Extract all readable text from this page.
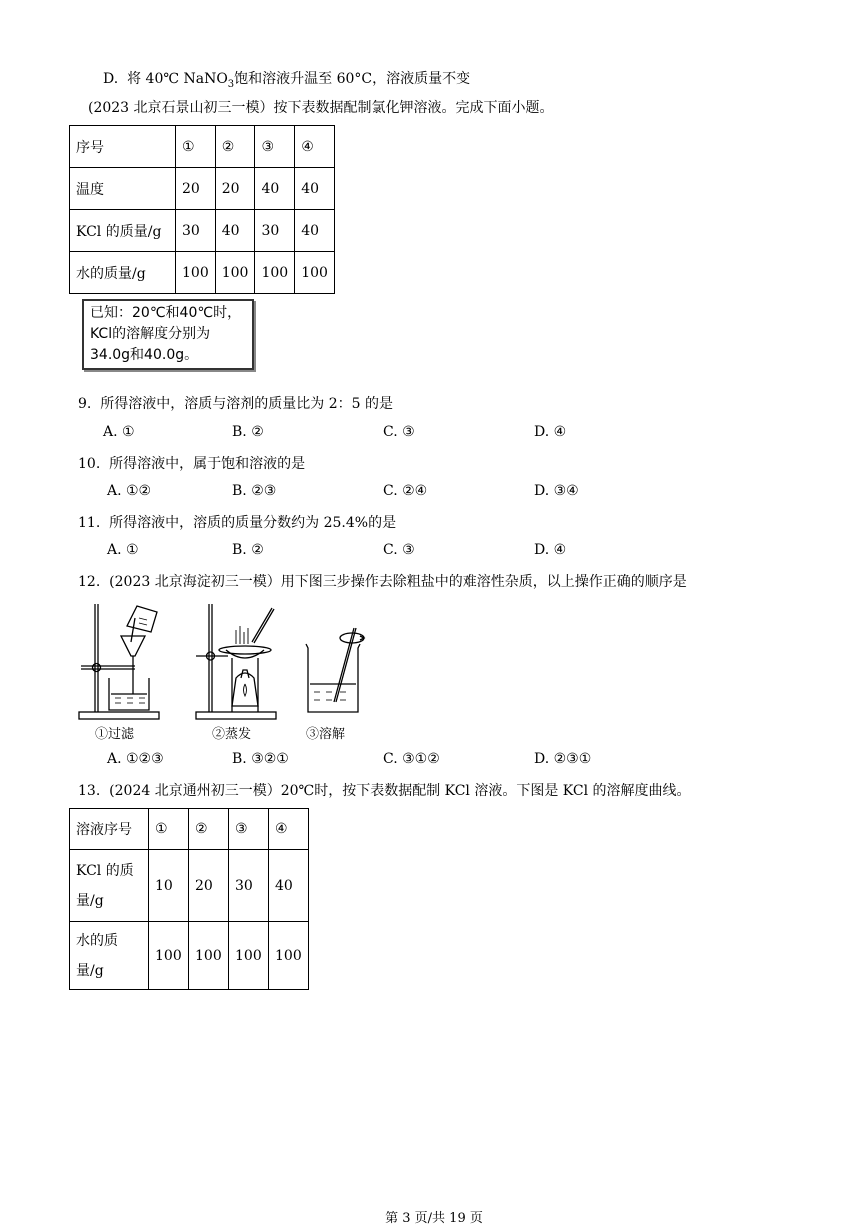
D. 将 40℃ NaNO$_3$饱和溶液升温至 60°C，溶液质量不变
(2023 北京石景山初三一模）按下表数据配制氯化钾溶液。完成下面小题。
序号	①	②	③	④
温度	20	20	40	40
KCl 的质量/g	30	40	30	40
水的质量/g	100	100	100	100
已知：20℃和40℃时，
KCl的溶解度分别为
34.0g和40.0g。
9. 所得溶液中，溶质与溶剂的质量比为 2：5 的是
A. ①	B. ②	C. ③	D. ④
10. 所得溶液中，属于饱和溶液的是
A. ①②	B. ②③	C. ②④	D. ③④
11. 所得溶液中，溶质的质量分数约为 25.4%的是
A. ①	B. ②	C. ③	D. ④
12. (2023 北京海淀初三一模）用下图三步操作去除粗盐中的难溶性杂质，以上操作正确的顺序是
①过滤	②蒸发	③溶解
A. ①②③	B. ③②①	C. ③①②	D. ②③①
13. (2024 北京通州初三一模）20℃时，按下表数据配制 KCl 溶液。下图是 KCl 的溶解度曲线。
溶液序号	①	②	③	④
KCl 的质量/g	10	20	30	40
水的质量/g	100	100	100	100
第 3 页/共 19 页
